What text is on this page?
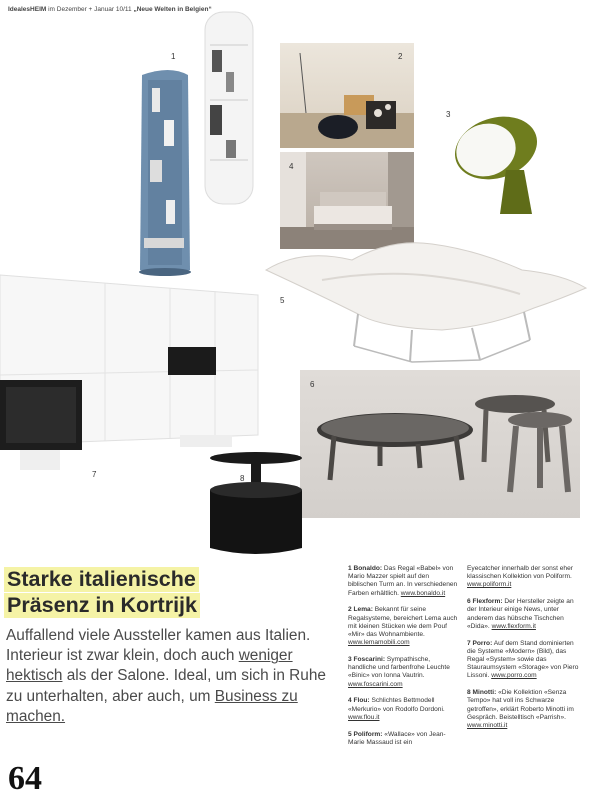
IdealesHEIM im Dezember + Januar 10/11 „Neue Welten in Belgien“
1	2
3
4
5
7
6
8
Starke italienische
Präsenz in Kortrijk
Auffallend viele Aussteller kamen aus Italien. Interieur ist zwar klein, doch auch weniger hektisch als der Salone. Ideal, um sich in Ruhe zu unterhalten, aber auch, um Business zu machen.
64
1 Bonaldo: Das Regal «Babel» von Mario Mazzer spielt auf den biblischen Turm an. In verschiedenen Farben erhältlich. www.bonaldo.it
2 Lema: Bekannt für seine Regalsysteme, bereichert Lema auch mit kleinen Stücken wie dem Pouf «Mir» das Wohnambiente. www.lemamobili.com
3 Foscarini: Sympathische, handliche und farbenfrohe Leuchte «Binic» von Ionna Vautrin. www.foscarini.com
4 Flou: Schlichtes Bettmodell «Merkurio» von Rodolfo Dordoni. www.flou.it
5 Poliform: «Wallace» von Jean-Marie Massaud ist ein
Eyecatcher innerhalb der sonst eher klassischen Kollektion von Poliform. www.poliform.it
6 Flexform: Der Hersteller zeigte an der Interieur einige News, unter anderem das hübsche Tischchen «Dida». www.flexform.it
7 Porro: Auf dem Stand dominierten die Systeme «Modern» (Bild), das Regal «System» sowie das Stauraumsystem «Storage» von Piero Lissoni. www.porro.com
8 Minotti: «Die Kollektion «Senza Tempo» hat voll ins Schwarze getroffen», erklärt Roberto Minotti im Gespräch. Beistelltisch «Parrish». www.minotti.it
